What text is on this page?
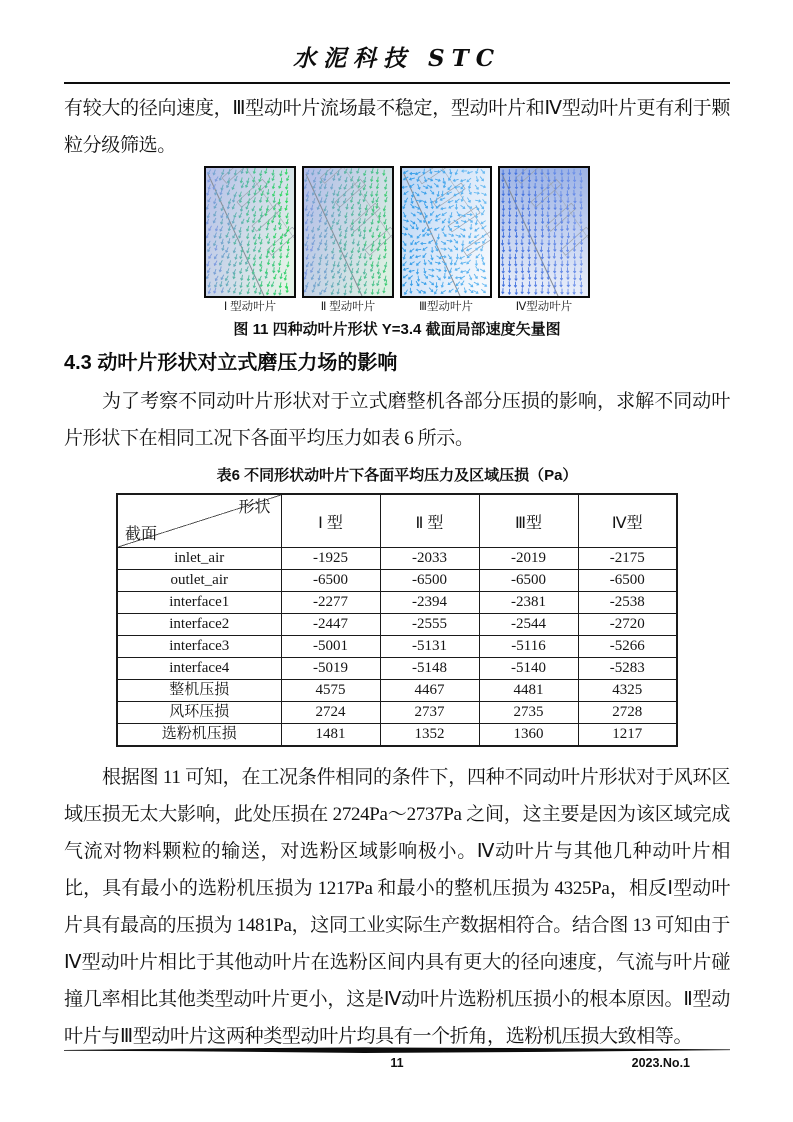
水泥科技 STC

有较大的径向速度，Ⅲ型动叶片流场最不稳定，型动叶片和Ⅳ型动叶片更有利于颗粒分级筛选。

Ⅰ 型动叶片	Ⅱ 型动叶片	Ⅲ型动叶片	Ⅳ型动叶片
图 11 四种动叶片形状 Y=3.4 截面局部速度矢量图
4.3 动叶片形状对立式磨压力场的影响

为了考察不同动叶片形状对于立式磨整机各部分压损的影响，求解不同动叶片形状下在相同工况下各面平均压力如表 6 所示。

表6 不同形状动叶片下各面平均压力及区域压损（Pa）
形状
截面	Ⅰ 型	Ⅱ 型	Ⅲ型	Ⅳ型
inlet_air	-1925	-2033	-2019	-2175
outlet_air	-6500	-6500	-6500	-6500
interface1	-2277	-2394	-2381	-2538
interface2	-2447	-2555	-2544	-2720
interface3	-5001	-5131	-5116	-5266
interface4	-5019	-5148	-5140	-5283
整机压损	4575	4467	4481	4325
风环压损	2724	2737	2735	2728
选粉机压损	1481	1352	1360	1217

根据图 11 可知，在工况条件相同的条件下，四种不同动叶片形状对于风环区域压损无太大影响，此处压损在 2724Pa～2737Pa 之间，这主要是因为该区域完成气流对物料颗粒的输送，对选粉区域影响极小。Ⅳ动叶片与其他几种动叶片相比，具有最小的选粉机压损为 1217Pa 和最小的整机压损为 4325Pa，相反Ⅰ型动叶片具有最高的压损为 1481Pa，这同工业实际生产数据相符合。结合图 13 可知由于Ⅳ型动叶片相比于其他动叶片在选粉区间内具有更大的径向速度，气流与叶片碰撞几率相比其他类型动叶片更小，这是Ⅳ动叶片选粉机压损小的根本原因。Ⅱ型动叶片与Ⅲ型动叶片这两种类型动叶片均具有一个折角，选粉机压损大致相等。

11	2023.No.1
